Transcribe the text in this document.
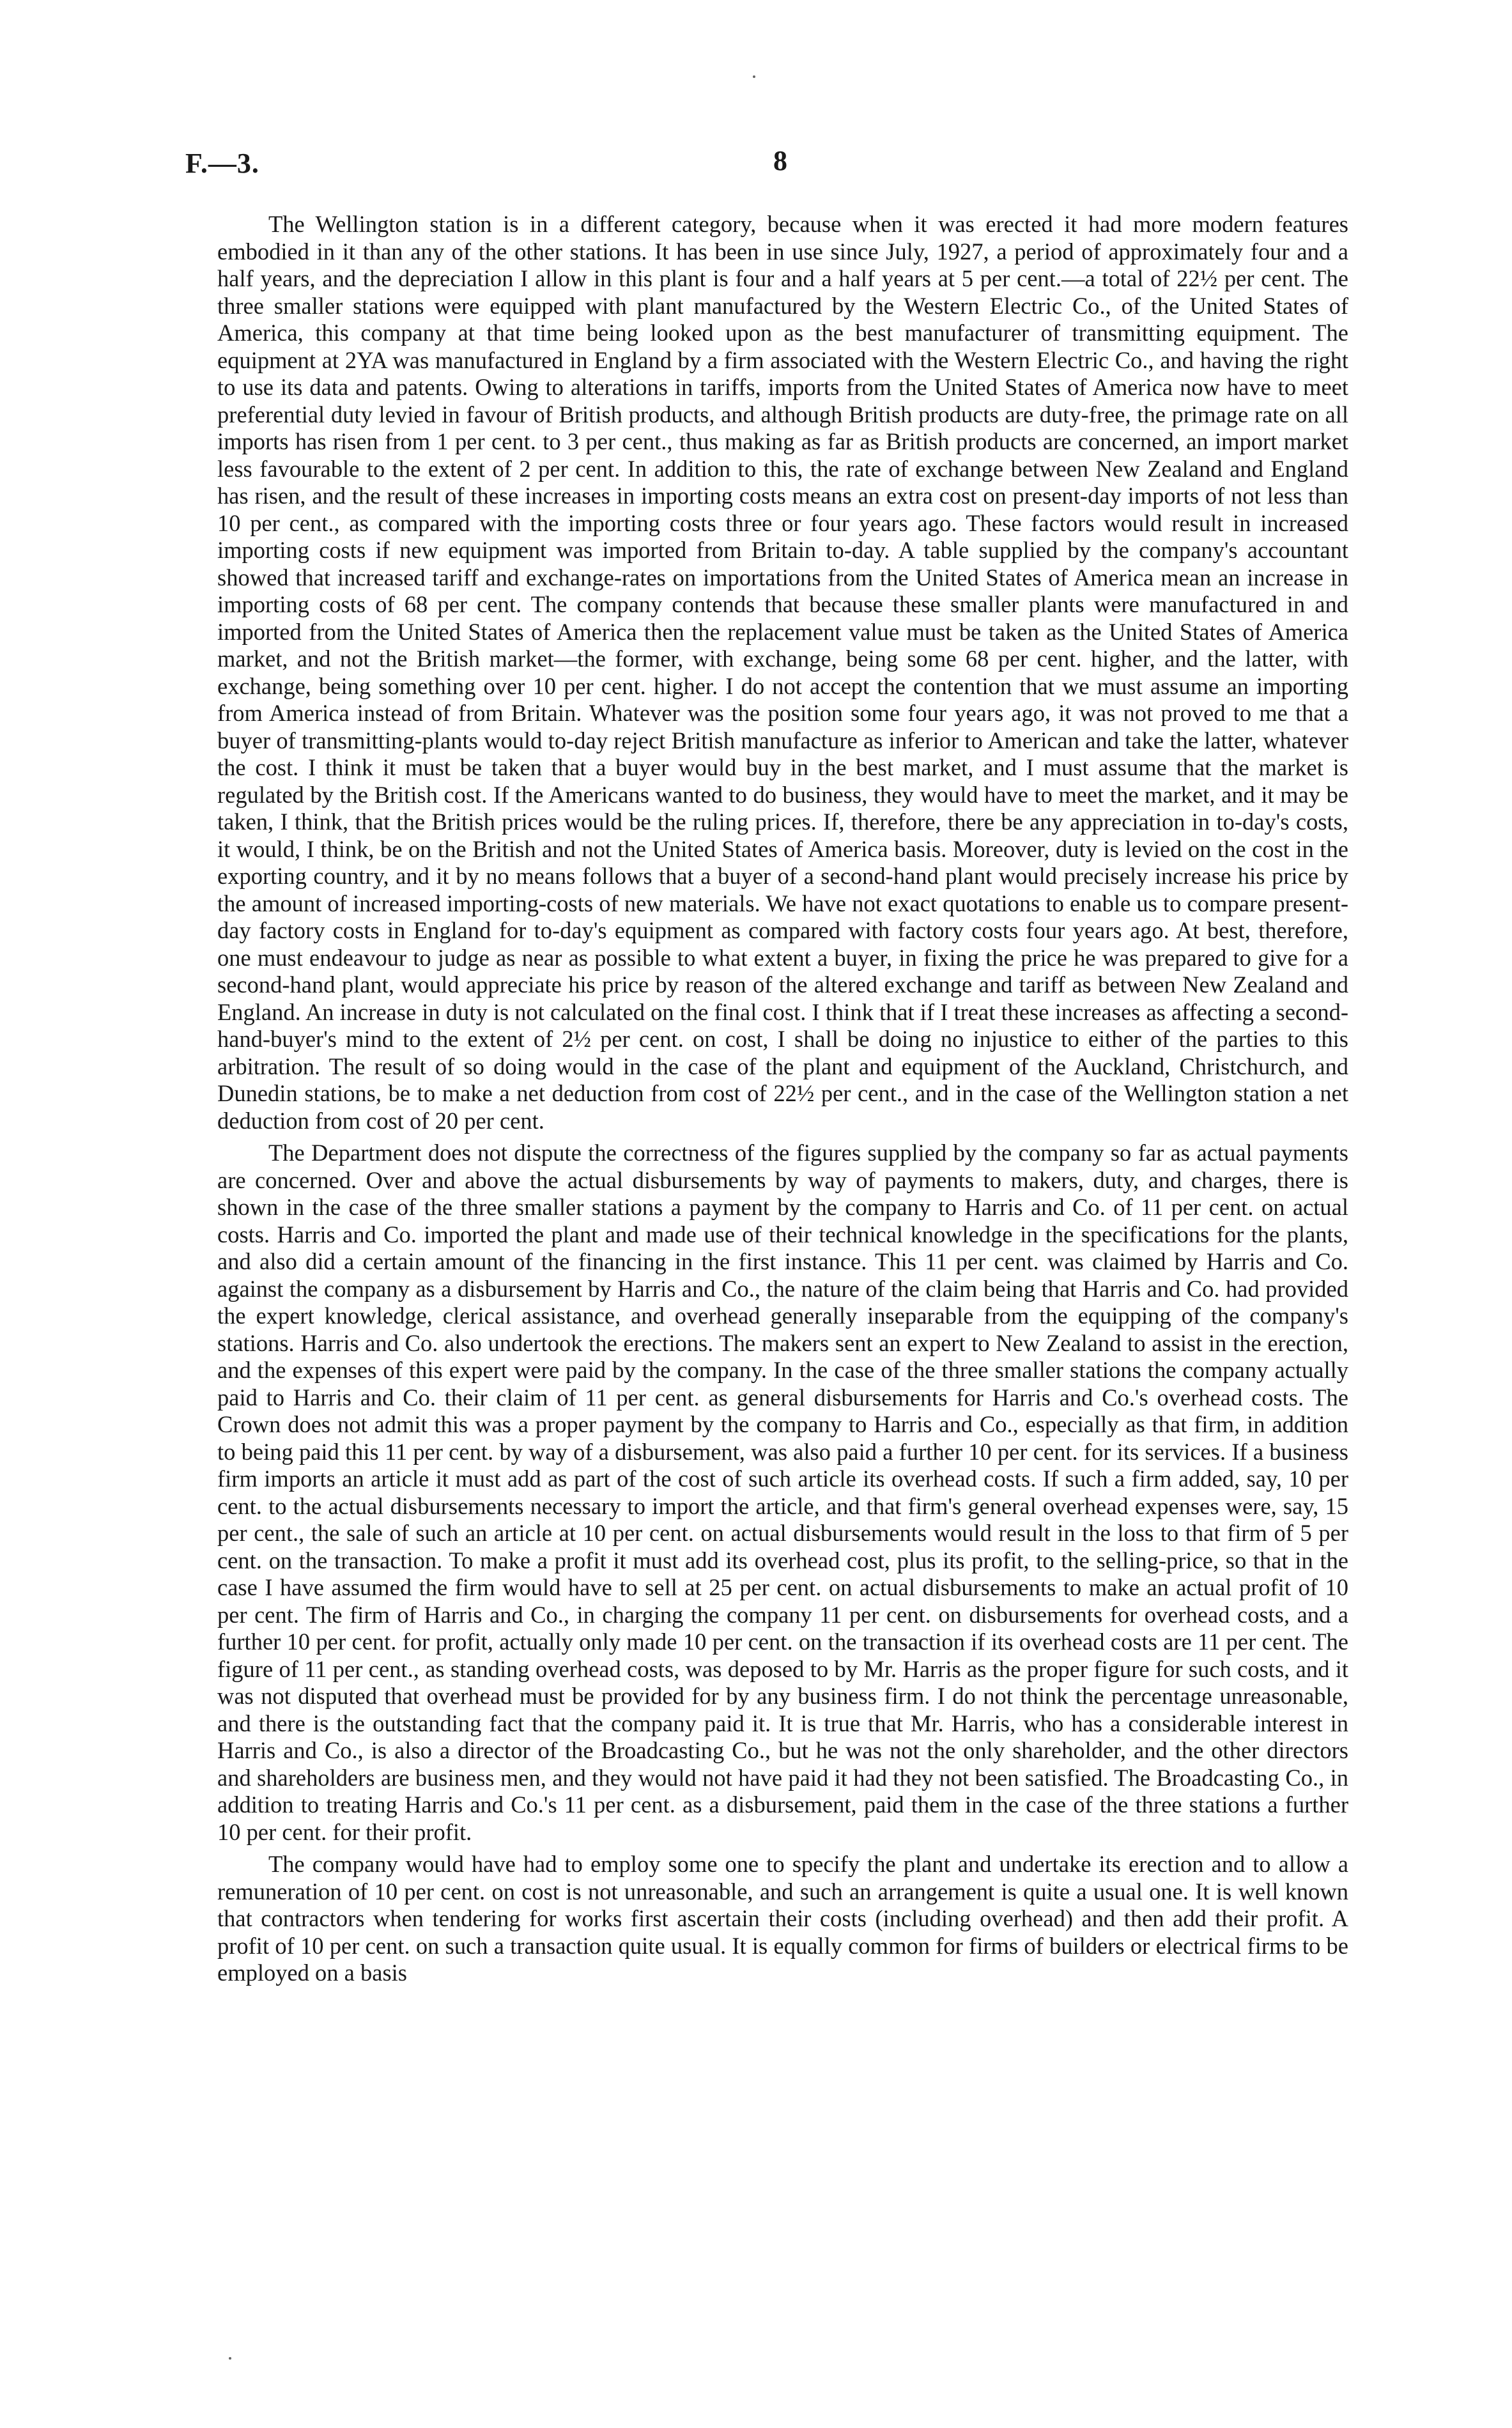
F.—3.	8

The Wellington station is in a different category, because when it was erected it had more modern features embodied in it than any of the other stations. It has been in use since July, 1927, a period of approximately four and a half years, and the depreciation I allow in this plant is four and a half years at 5 per cent.—a total of 22½ per cent. The three smaller stations were equipped with plant manufactured by the Western Electric Co., of the United States of America, this company at that time being looked upon as the best manufacturer of transmitting equipment. The equipment at 2YA was manufactured in England by a firm associated with the Western Electric Co., and having the right to use its data and patents. Owing to alterations in tariffs, imports from the United States of America now have to meet preferential duty levied in favour of British products, and although British products are duty-free, the primage rate on all imports has risen from 1 per cent. to 3 per cent., thus making as far as British products are concerned, an import market less favourable to the extent of 2 per cent. In addition to this, the rate of exchange between New Zealand and England has risen, and the result of these increases in importing costs means an extra cost on present-day imports of not less than 10 per cent., as compared with the importing costs three or four years ago. These factors would result in increased importing costs if new equipment was imported from Britain to-day. A table supplied by the company's accountant showed that increased tariff and exchange-rates on importations from the United States of America mean an increase in importing costs of 68 per cent. The company contends that because these smaller plants were manufactured in and imported from the United States of America then the replacement value must be taken as the United States of America market, and not the British market—the former, with exchange, being some 68 per cent. higher, and the latter, with exchange, being something over 10 per cent. higher. I do not accept the contention that we must assume an importing from America instead of from Britain. Whatever was the position some four years ago, it was not proved to me that a buyer of transmitting-plants would to-day reject British manufacture as inferior to American and take the latter, whatever the cost. I think it must be taken that a buyer would buy in the best market, and I must assume that the market is regulated by the British cost. If the Americans wanted to do business, they would have to meet the market, and it may be taken, I think, that the British prices would be the ruling prices. If, therefore, there be any appreciation in to-day's costs, it would, I think, be on the British and not the United States of America basis. Moreover, duty is levied on the cost in the exporting country, and it by no means follows that a buyer of a second-hand plant would precisely increase his price by the amount of increased importing-costs of new materials. We have not exact quotations to enable us to compare present-day factory costs in England for to-day's equipment as compared with factory costs four years ago. At best, therefore, one must endeavour to judge as near as possible to what extent a buyer, in fixing the price he was prepared to give for a second-hand plant, would appreciate his price by reason of the altered exchange and tariff as between New Zealand and England. An increase in duty is not calculated on the final cost. I think that if I treat these increases as affecting a second-hand-buyer's mind to the extent of 2½ per cent. on cost, I shall be doing no injustice to either of the parties to this arbitration. The result of so doing would in the case of the plant and equipment of the Auckland, Christchurch, and Dunedin stations, be to make a net deduction from cost of 22½ per cent., and in the case of the Wellington station a net deduction from cost of 20 per cent.

The Department does not dispute the correctness of the figures supplied by the company so far as actual payments are concerned. Over and above the actual disbursements by way of payments to makers, duty, and charges, there is shown in the case of the three smaller stations a payment by the company to Harris and Co. of 11 per cent. on actual costs. Harris and Co. imported the plant and made use of their technical knowledge in the specifications for the plants, and also did a certain amount of the financing in the first instance. This 11 per cent. was claimed by Harris and Co. against the company as a disbursement by Harris and Co., the nature of the claim being that Harris and Co. had provided the expert knowledge, clerical assistance, and overhead generally inseparable from the equipping of the company's stations. Harris and Co. also undertook the erections. The makers sent an expert to New Zealand to assist in the erection, and the expenses of this expert were paid by the company. In the case of the three smaller stations the company actually paid to Harris and Co. their claim of 11 per cent. as general disbursements for Harris and Co.'s overhead costs. The Crown does not admit this was a proper payment by the company to Harris and Co., especially as that firm, in addition to being paid this 11 per cent. by way of a disbursement, was also paid a further 10 per cent. for its services. If a business firm imports an article it must add as part of the cost of such article its overhead costs. If such a firm added, say, 10 per cent. to the actual disbursements necessary to import the article, and that firm's general overhead expenses were, say, 15 per cent., the sale of such an article at 10 per cent. on actual disbursements would result in the loss to that firm of 5 per cent. on the transaction. To make a profit it must add its overhead cost, plus its profit, to the selling-price, so that in the case I have assumed the firm would have to sell at 25 per cent. on actual disbursements to make an actual profit of 10 per cent. The firm of Harris and Co., in charging the company 11 per cent. on disbursements for overhead costs, and a further 10 per cent. for profit, actually only made 10 per cent. on the transaction if its overhead costs are 11 per cent. The figure of 11 per cent., as standing overhead costs, was deposed to by Mr. Harris as the proper figure for such costs, and it was not disputed that overhead must be provided for by any business firm. I do not think the percentage unreasonable, and there is the outstanding fact that the company paid it. It is true that Mr. Harris, who has a considerable interest in Harris and Co., is also a director of the Broadcasting Co., but he was not the only shareholder, and the other directors and shareholders are business men, and they would not have paid it had they not been satisfied. The Broadcasting Co., in addition to treating Harris and Co.'s 11 per cent. as a disbursement, paid them in the case of the three stations a further 10 per cent. for their profit.

The company would have had to employ some one to specify the plant and undertake its erection and to allow a remuneration of 10 per cent. on cost is not unreasonable, and such an arrangement is quite a usual one. It is well known that contractors when tendering for works first ascertain their costs (including overhead) and then add their profit. A profit of 10 per cent. on such a transaction quite usual. It is equally common for firms of builders or electrical firms to be employed on a basis
